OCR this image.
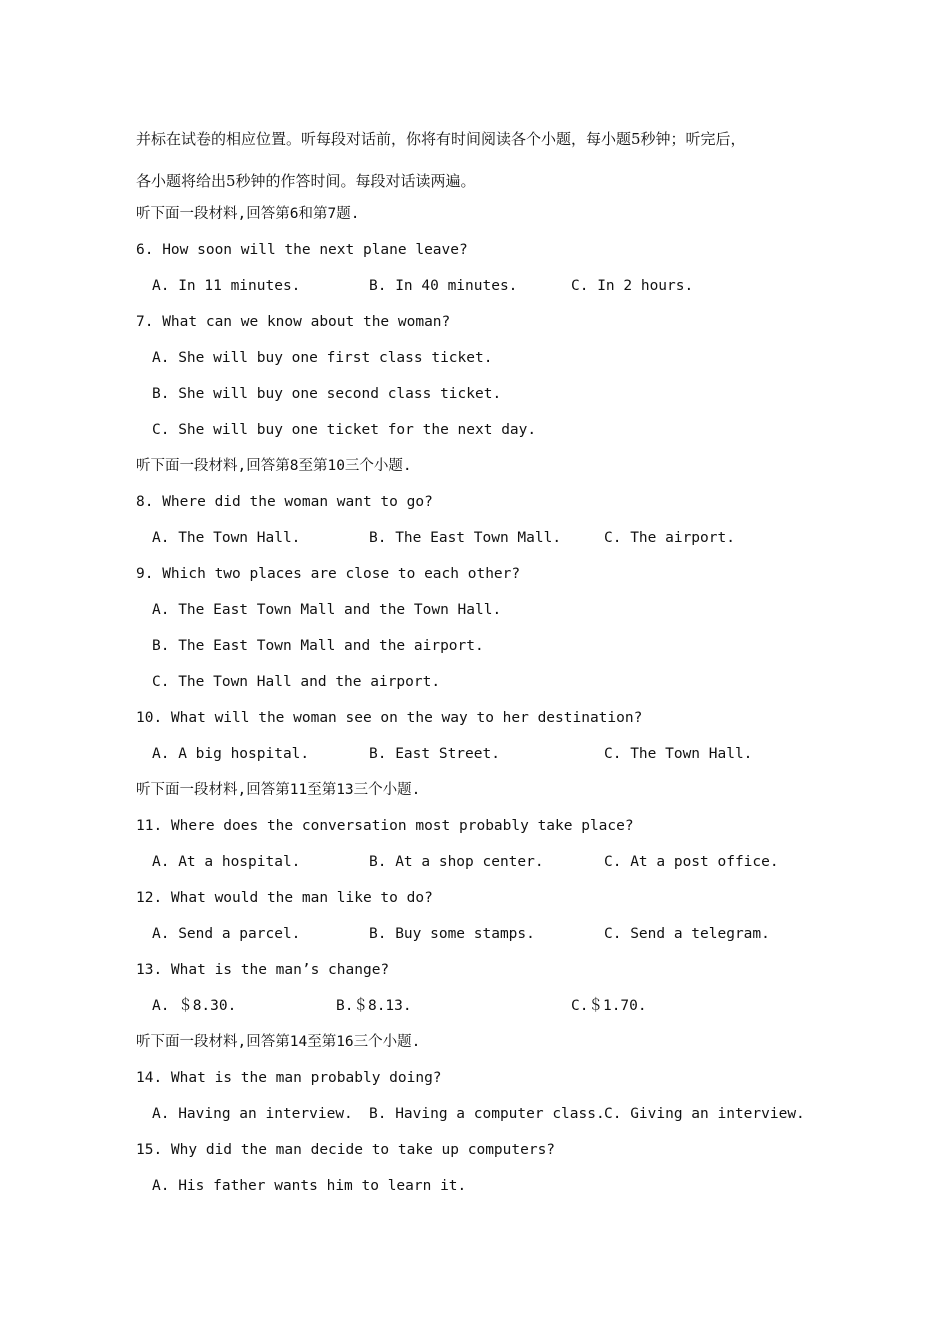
并标在试卷的相应位置。听每段对话前，你将有时间阅读各个小题，每小题5秒钟；听完后，

各小题将给出5秒钟的作答时间。每段对话读两遍。

听下面一段材料,回答第6和第7题.

6. How soon will the next plane leave?

A. In 11 minutes.

	B. In 40 minutes.

	C. In 2 hours.

7. What can we know about the woman?

A. She will buy one first class ticket.

B. She will buy one second class ticket.

C. She will buy one ticket for the next day.

听下面一段材料,回答第8至第10三个小题.

8. Where did the woman want to go?

A. The Town Hall.

	B. The East Town Mall.

	C. The airport.

9. Which two places are close to each other?

A. The East Town Mall and the Town Hall.

B. The East Town Mall and the airport.

C. The Town Hall and the airport.

10. What will the woman see on the way to her destination?

A. A big hospital.

	B. East Street.

	C. The Town Hall.

听下面一段材料,回答第11至第13三个小题.

11. Where does the conversation most probably take place?

A. At a hospital.

	B. At a shop center.

	C. At a post office.

12. What would the man like to do?

A. Send a parcel.

	B. Buy some stamps.

	C. Send a telegram.

13. What is the man’s change?

A. ＄8.30.

	B.＄8.13.

	C.＄1.70.

听下面一段材料,回答第14至第16三个小题.

14. What is the man probably doing?

A. Having an interview.

B. Having a computer class.

C. Giving an interview.

15. Why did the man decide to take up computers?

A. His father wants him to learn it.
